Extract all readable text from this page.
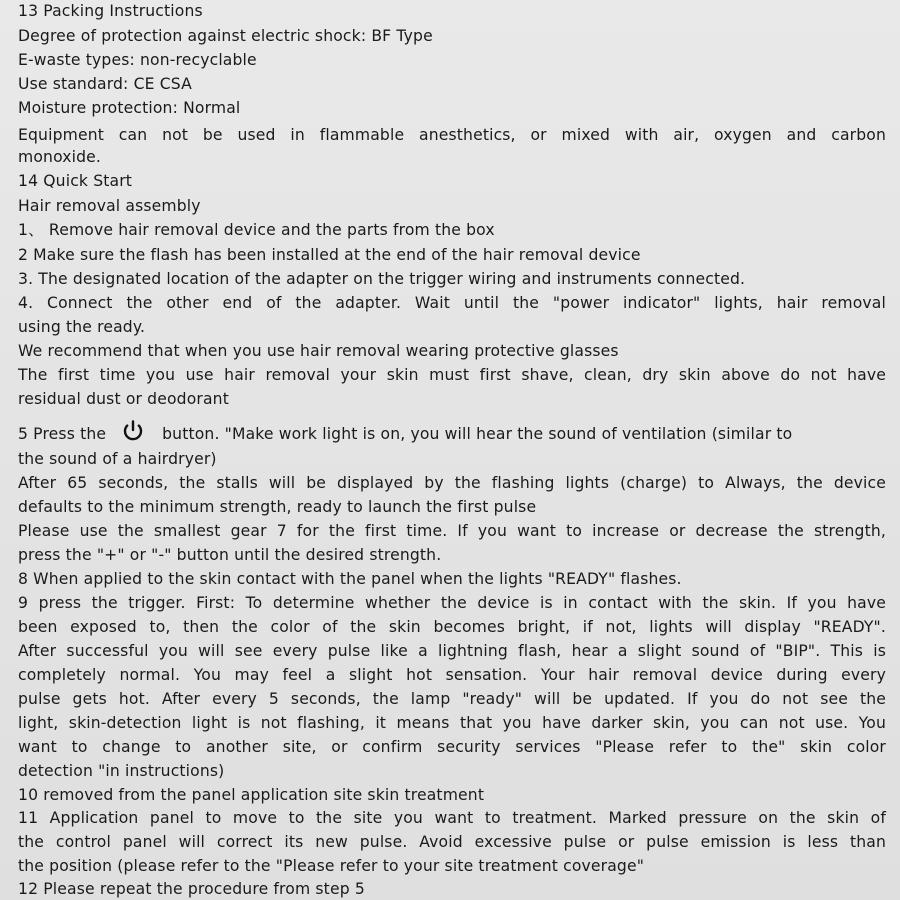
13 Packing Instructions
Degree of protection against electric shock: BF Type
E-waste types: non-recyclable
Use standard: CE CSA
Moisture protection: Normal
Equipment can not be used in flammable anesthetics, or mixed with air, oxygen and carbon
monoxide.
14 Quick Start
Hair removal assembly
1、 Remove hair removal device and the parts from the box
2 Make sure the flash has been installed at the end of the hair removal device
3. The designated location of the adapter on the trigger wiring and instruments connected.
4. Connect the other end of the adapter. Wait until the "power indicator" lights, hair removal
using the ready.
We recommend that when you use hair removal wearing protective glasses
The first time you use hair removal your skin must first shave, clean, dry skin above do not have
residual dust or deodorant
5 Press the	button. "Make work light is on, you will hear the sound of ventilation (similar to
the sound of a hairdryer)
After 65 seconds, the stalls will be displayed by the flashing lights (charge) to Always, the device
defaults to the minimum strength, ready to launch the first pulse
Please use the smallest gear 7 for the first time. If you want to increase or decrease the strength,
press the "+" or "-" button until the desired strength.
8 When applied to the skin contact with the panel when the lights "READY" flashes.
9 press the trigger. First: To determine whether the device is in contact with the skin. If you have
been exposed to, then the color of the skin becomes bright, if not, lights will display "READY".
After successful you will see every pulse like a lightning flash, hear a slight sound of "BIP". This is
completely normal. You may feel a slight hot sensation. Your hair removal device during every
pulse gets hot. After every 5 seconds, the lamp "ready" will be updated. If you do not see the
light, skin-detection light is not flashing, it means that you have darker skin, you can not use. You
want to change to another site, or confirm security services "Please refer to the" skin color
detection "in instructions)
10 removed from the panel application site skin treatment
11 Application panel to move to the site you want to treatment. Marked pressure on the skin of
the control panel will correct its new pulse. Avoid excessive pulse or pulse emission is less than
the position (please refer to the "Please refer to your site treatment coverage"
12 Please repeat the procedure from step 5
